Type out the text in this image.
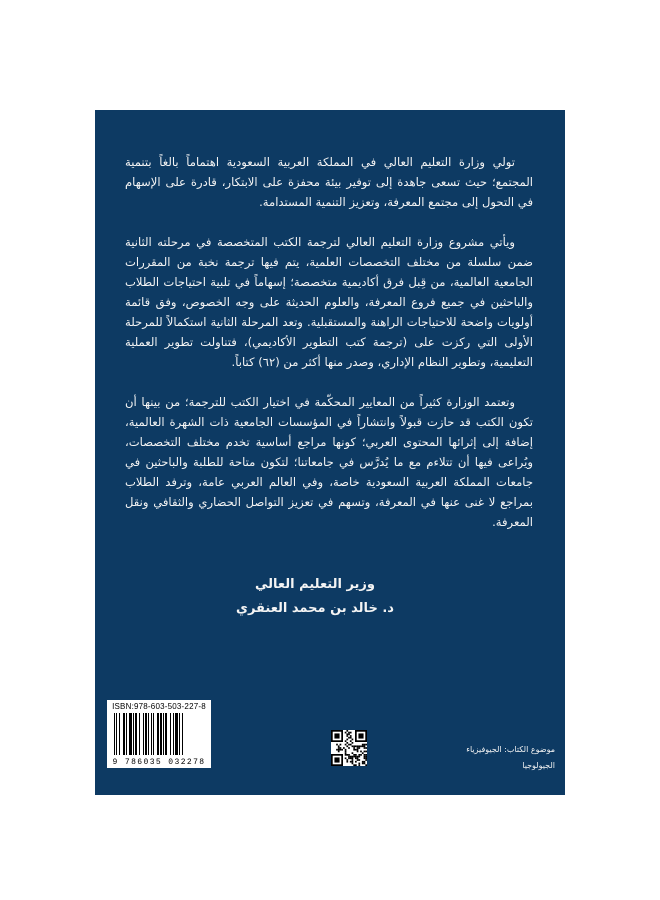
تولي وزارة التعليم العالي في المملكة العربية السعودية اهتماماً بالغاً بتنمية المجتمع؛ حيث تسعى جاهدة إلى توفير بيئة محفزة على الابتكار، قادرة على الإسهام في التحول إلى مجتمع المعرفة، وتعزيز التنمية المستدامة.

ويأتي مشروع وزارة التعليم العالي لترجمة الكتب المتخصصة في مرحلته الثانية ضمن سلسلة من مختلف التخصصات العلمية، يتم فيها ترجمة نخبة من المقررات الجامعية العالمية، من قِبل فرق أكاديمية متخصصة؛ إسهاماً في تلبية احتياجات الطلاب والباحثين في جميع فروع المعرفة، والعلوم الحديثة على وجه الخصوص، وفق قائمة أولويات واضحة للاحتياجات الراهنة والمستقبلية. وتعد المرحلة الثانية استكمالاً للمرحلة الأولى التي ركزت على (ترجمة كتب التطوير الأكاديمي)، فتناولت تطوير العملية التعليمية، وتطوير النظام الإداري، وصدر منها أكثر من (٦٢) كتاباً.

وتعتمد الوزارة كثيراً من المعايير المحكّمة في اختيار الكتب للترجمة؛ من بينها أن تكون الكتب قد حازت قبولاً وانتشاراً في المؤسسات الجامعية ذات الشهرة العالمية، إضافة إلى إثرائها المحتوى العربي؛ كونها مراجع أساسية تخدم مختلف التخصصات، ويُراعى فيها أن تتلاءم مع ما يُدرَّس في جامعاتنا؛ لتكون متاحة للطلبة والباحثين في جامعات المملكة العربية السعودية خاصة، وفي العالم العربي عامة، وترفد الطلاب بمراجع لا غنى عنها في المعرفة، وتسهم في تعزيز التواصل الحضاري والثقافي ونقل المعرفة.

وزير التعليم العالي
د. خالد بن محمد العنقري
ISBN:978-603-503-227-8
9 786035 032278
موضوع الكتاب: الجيوفيزياء
الجيولوجيا
